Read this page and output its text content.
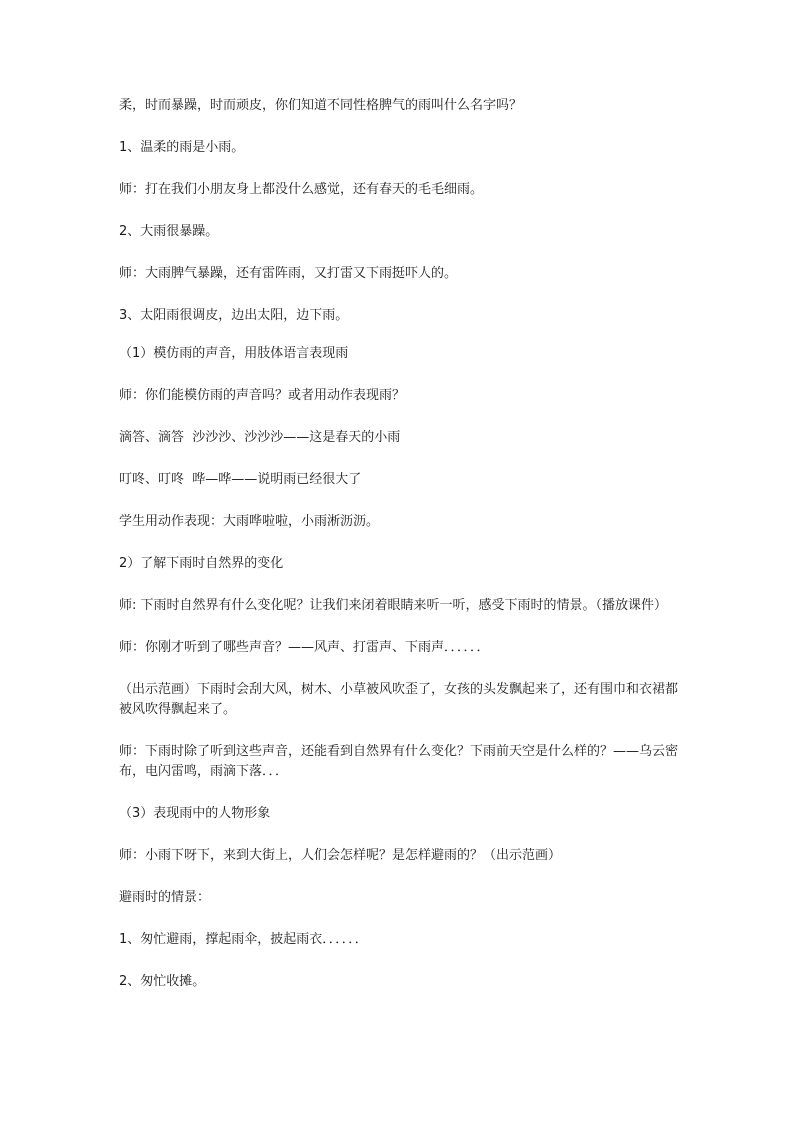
柔，时而暴躁，时而顽皮，你们知道不同性格脾气的雨叫什么名字吗？

1、温柔的雨是小雨。

师：打在我们小朋友身上都没什么感觉，还有春天的毛毛细雨。

2、大雨很暴躁。

师：大雨脾气暴躁，还有雷阵雨，又打雷又下雨挺吓人的。

3、太阳雨很调皮，边出太阳，边下雨。

（1）模仿雨的声音，用肢体语言表现雨

师：你们能模仿雨的声音吗？或者用动作表现雨？

滴答、滴答  沙沙沙、沙沙沙——这是春天的小雨

叮咚、叮咚  哗—哗——说明雨已经很大了

学生用动作表现：大雨哗啦啦，小雨淅沥沥。

2）了解下雨时自然界的变化

师: 下雨时自然界有什么变化呢？让我们来闭着眼睛来听一听，感受下雨时的情景。（播放课件）

师：你刚才听到了哪些声音？——风声、打雷声、下雨声．．．．．．

（出示范画）下雨时会刮大风，树木、小草被风吹歪了，女孩的头发飘起来了，还有围巾和衣裙都被风吹得飘起来了。

师：下雨时除了听到这些声音，还能看到自然界有什么变化？下雨前天空是什么样的？——乌云密布，电闪雷鸣，雨滴下落．．．

（3）表现雨中的人物形象

师：小雨下呀下，来到大街上，人们会怎样呢？是怎样避雨的？（出示范画）

避雨时的情景：

1、匆忙避雨，撑起雨伞，披起雨衣．．．．．．

2、匆忙收摊。
